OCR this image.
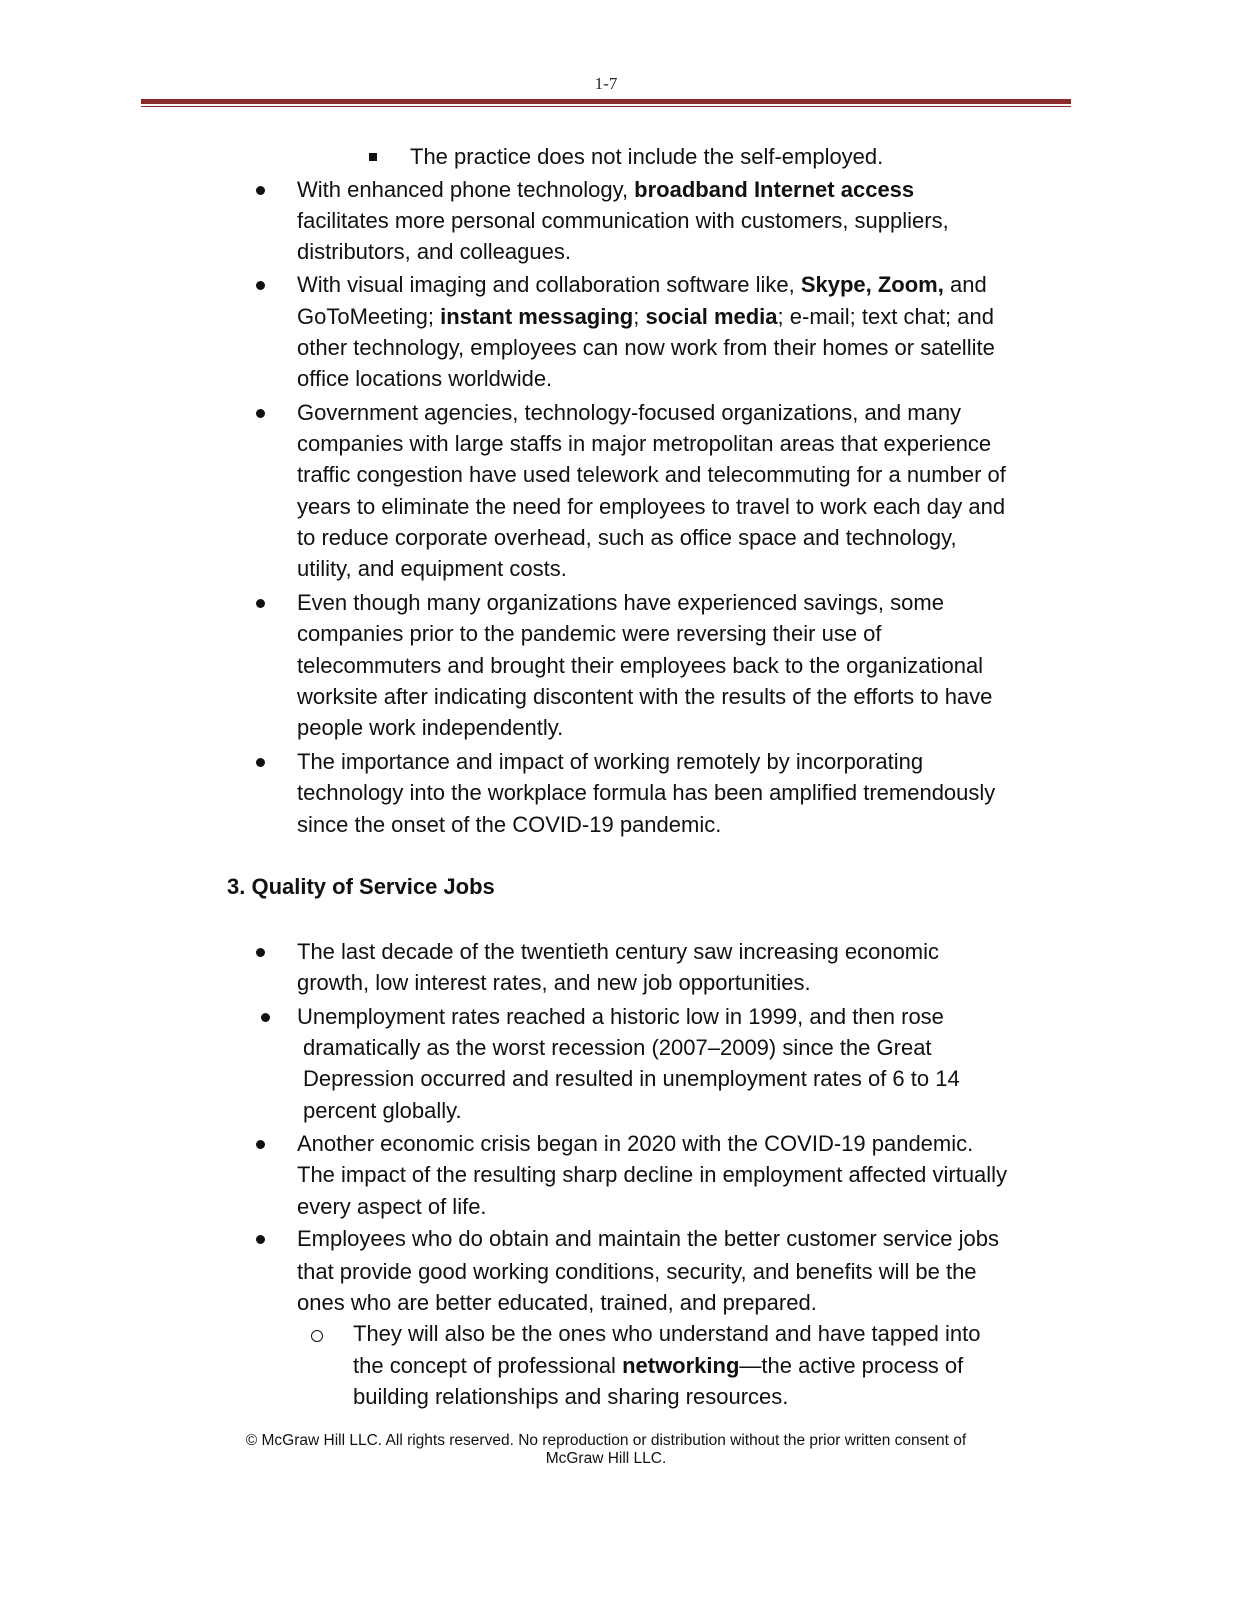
1-7
The practice does not include the self-employed.
With enhanced phone technology, broadband Internet access
facilitates more personal communication with customers, suppliers,
distributors, and colleagues.
With visual imaging and collaboration software like, Skype, Zoom, and
GoToMeeting; instant messaging; social media; e-mail; text chat; and
other technology, employees can now work from their homes or satellite
office locations worldwide.
Government agencies, technology-focused organizations, and many
companies with large staffs in major metropolitan areas that experience
traffic congestion have used telework and telecommuting for a number of
years to eliminate the need for employees to travel to work each day and
to reduce corporate overhead, such as office space and technology,
utility, and equipment costs.
Even though many organizations have experienced savings, some
companies prior to the pandemic were reversing their use of
telecommuters and brought their employees back to the organizational
worksite after indicating discontent with the results of the efforts to have
people work independently.
The importance and impact of working remotely by incorporating
technology into the workplace formula has been amplified tremendously
since the onset of the COVID-19 pandemic.
3. Quality of Service Jobs
The last decade of the twentieth century saw increasing economic
growth, low interest rates, and new job opportunities.
Unemployment rates reached a historic low in 1999, and then rose
dramatically as the worst recession (2007–2009) since the Great
Depression occurred and resulted in unemployment rates of 6 to 14
percent globally.
Another economic crisis began in 2020 with the COVID-19 pandemic.
The impact of the resulting sharp decline in employment affected virtually
every aspect of life.
Employees who do obtain and maintain the better customer service jobs
that provide good working conditions, security, and benefits will be the
ones who are better educated, trained, and prepared.
They will also be the ones who understand and have tapped into
the concept of professional networking—the active process of
building relationships and sharing resources.
© McGraw Hill LLC. All rights reserved. No reproduction or distribution without the prior written consent of
McGraw Hill LLC.
